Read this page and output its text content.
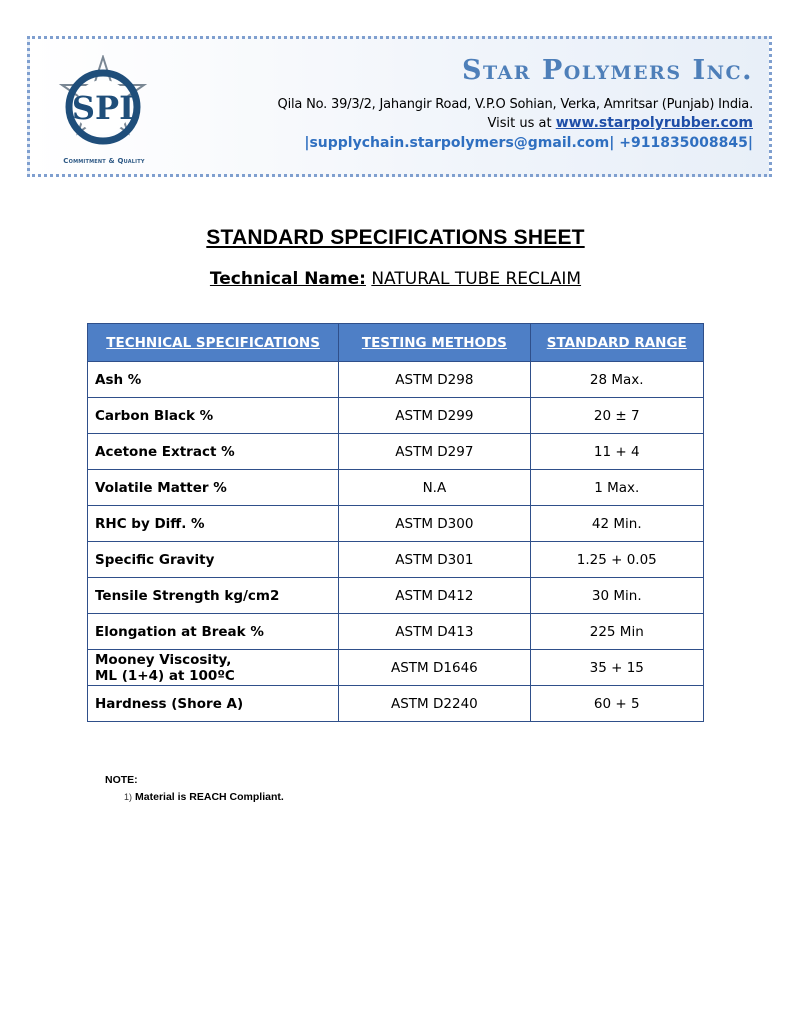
SPI
Commitment & Quality
Star Polymers Inc.
Qila No. 39/3/2, Jahangir Road, V.P.O Sohian, Verka, Amritsar (Punjab) India.
Visit us at www.starpolyrubber.com
|supplychain.starpolymers@gmail.com| +911835008845|
STANDARD SPECIFICATIONS SHEET
Technical Name: NATURAL TUBE RECLAIM
TECHNICAL SPECIFICATIONS	TESTING METHODS	STANDARD RANGE
Ash %	ASTM D298	28 Max.
Carbon Black %	ASTM D299	20 ± 7
Acetone Extract %	ASTM D297	11 + 4
Volatile Matter %	N.A	1 Max.
RHC by Diff. %	ASTM D300	42 Min.
Specific Gravity	ASTM D301	1.25 + 0.05
Tensile Strength kg/cm2	ASTM D412	30 Min.
Elongation at Break %	ASTM D413	225 Min
Mooney Viscosity,
ML (1+4) at 100ºC	ASTM D1646	35 + 15
Hardness (Shore A)	ASTM D2240	60 + 5
NOTE:
1) Material is REACH Compliant.
